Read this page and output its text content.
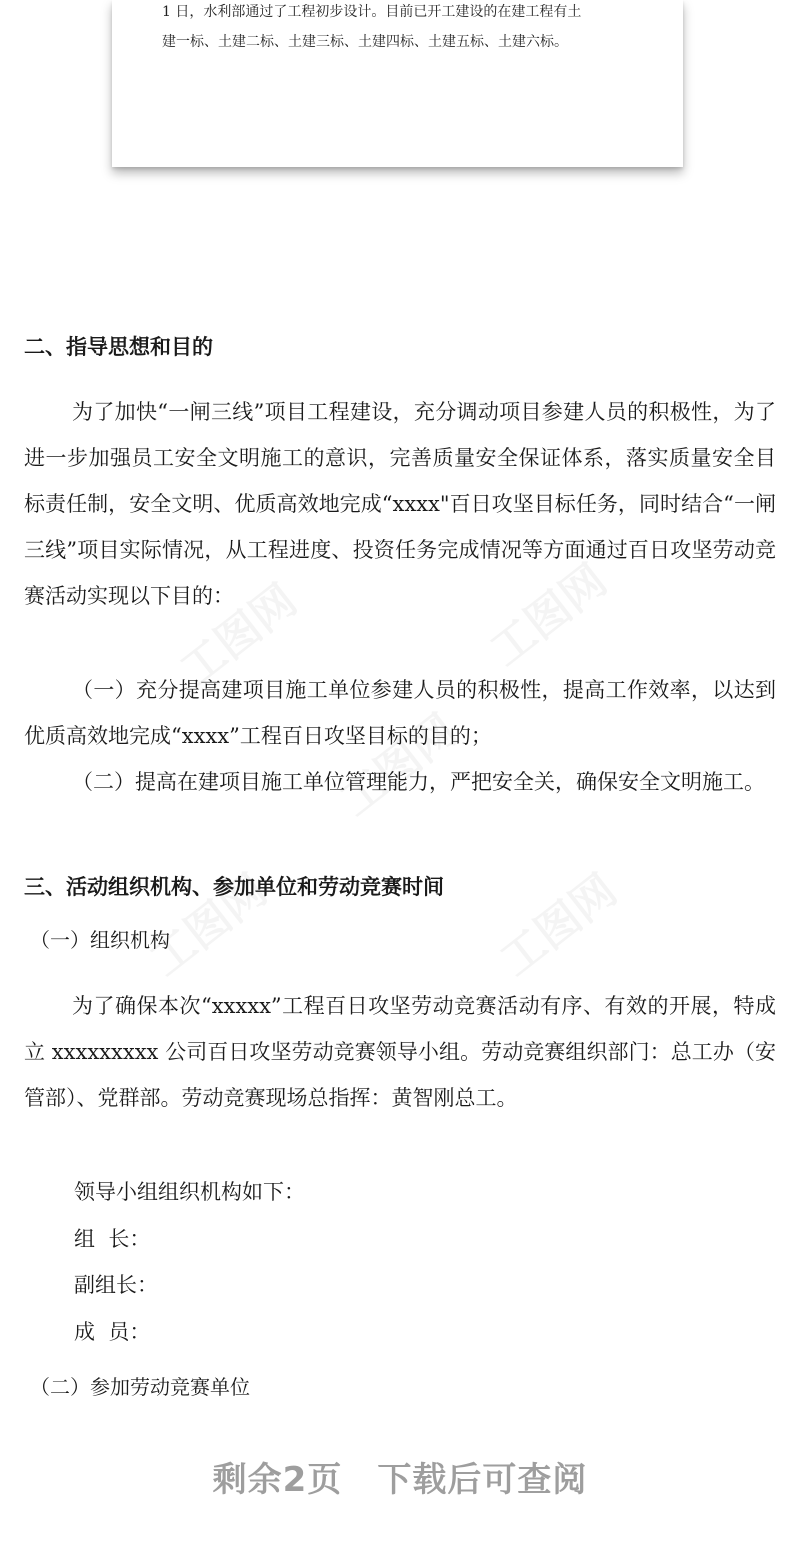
1 日，水利部通过了工程初步设计。目前已开工建设的在建工程有土
建一标、土建二标、土建三标、土建四标、土建五标、土建六标。
二、指导思想和目的
为了加快“一闸三线”项目工程建设，充分调动项目参建人员的积极性，为了进一步加强员工安全文明施工的意识，完善质量安全保证体系，落实质量安全目标责任制，安全文明、优质高效地完成“xxxx"百日攻坚目标任务，同时结合“一闸三线”项目实际情况，从工程进度、投资任务完成情况等方面通过百日攻坚劳动竞赛活动实现以下目的：
（一）充分提高建项目施工单位参建人员的积极性，提高工作效率，以达到优质高效地完成“xxxx”工程百日攻坚目标的目的；
（二）提高在建项目施工单位管理能力，严把安全关，确保安全文明施工。
三、活动组织机构、参加单位和劳动竞赛时间
（一）组织机构
为了确保本次“xxxxx”工程百日攻坚劳动竞赛活动有序、有效的开展，特成立 xxxxxxxxx 公司百日攻坚劳动竞赛领导小组。劳动竞赛组织部门：总工办（安管部）、党群部。劳动竞赛现场总指挥：黄智刚总工。
领导小组组织机构如下：
组  长：
副组长：
成  员：
（二）参加劳动竞赛单位
剩余2页　下载后可查阅
